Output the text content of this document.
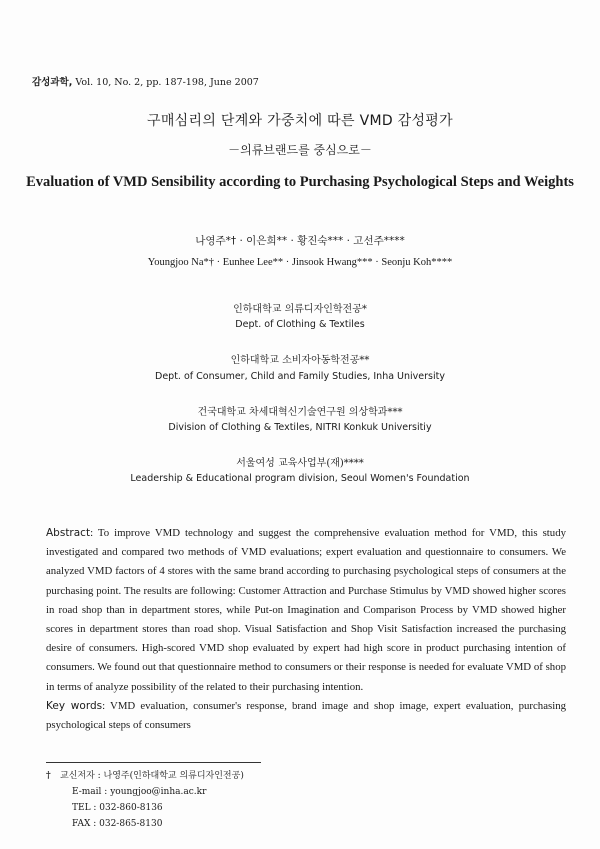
감성과학, Vol. 10, No. 2, pp. 187-198, June 2007
구매심리의 단계와 가중치에 따른 VMD 감성평가
－의류브랜드를 중심으로－
Evaluation of VMD Sensibility according to Purchasing Psychological Steps and Weights
나영주*† · 이은희** · 황진숙*** · 고선주****
Youngjoo Na*† · Eunhee Lee** · Jinsook Hwang*** · Seonju Koh****
인하대학교 의류디자인학전공*
Dept. of Clothing & Textiles
인하대학교 소비자아동학전공**
Dept. of Consumer, Child and Family Studies, Inha University
건국대학교 차세대혁신기술연구원 의상학과***
Division of Clothing & Textiles, NITRI Konkuk Universitiy
서울여성 교육사업부(재)****
Leadership & Educational program division, Seoul Women's Foundation
Abstract: To improve VMD technology and suggest the comprehensive evaluation method for VMD, this study investigated and compared two methods of VMD evaluations; expert evaluation and questionnaire to consumers. We analyzed VMD factors of 4 stores with the same brand according to purchasing psychological steps of consumers at the purchasing point. The results are following: Customer Attraction and Purchase Stimulus by VMD showed higher scores in road shop than in department stores, while Put-on Imagination and Comparison Process by VMD showed higher scores in department stores than road shop. Visual Satisfaction and Shop Visit Satisfaction increased the purchasing desire of consumers. High-scored VMD shop evaluated by expert had high score in product purchasing intention of consumers. We found out that questionnaire method to consumers or their response is needed for evaluate VMD of shop in terms of analyze possibility of the related to their purchasing intention.
Key words: VMD evaluation, consumer's response, brand image and shop image, expert evaluation, purchasing psychological steps of consumers
† 교신저자 : 나영주(인하대학교 의류디자인전공)
E-mail : youngjoo@inha.ac.kr
TEL : 032-860-8136
FAX : 032-865-8130
